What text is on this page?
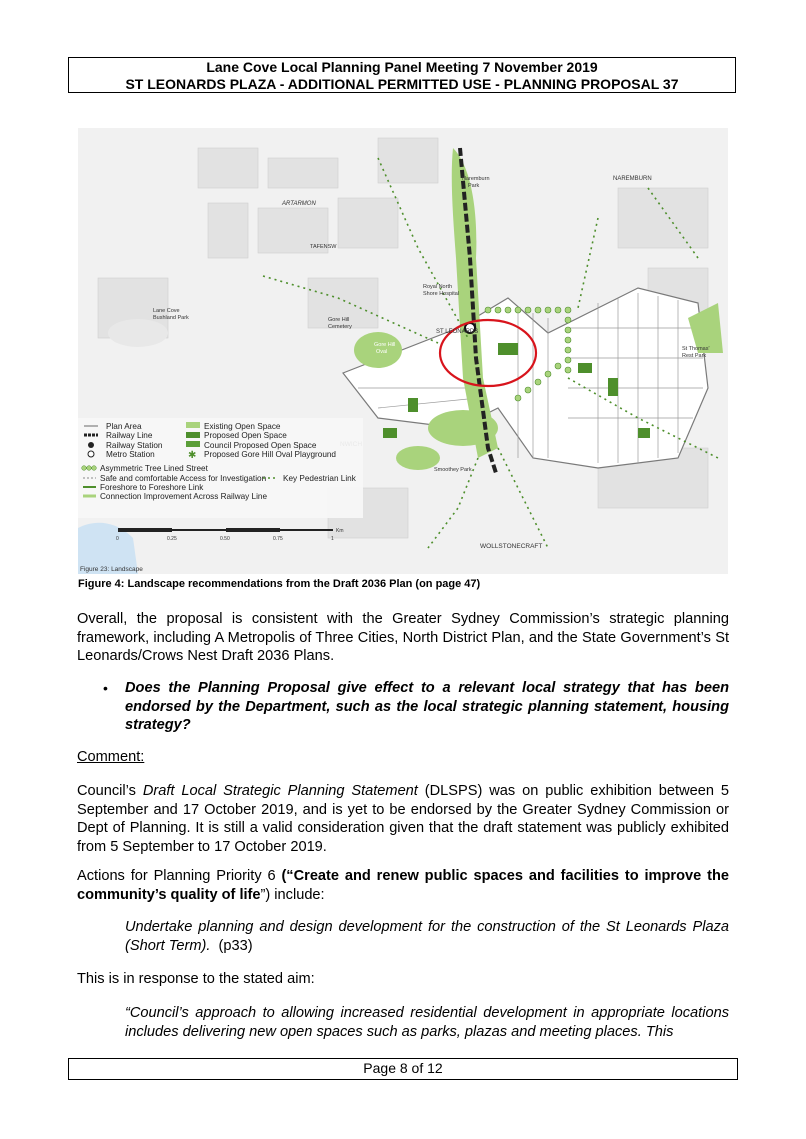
Lane Cove Local Planning Panel Meeting 7 November 2019
ST LEONARDS PLAZA - ADDITIONAL PERMITTED USE - PLANNING PROPOSAL 37
NAREMBURN
ARTARMON
TAFENSW
Royal North
Shore Hospital
Gore Hill
Cemetery
Gore Hill
Oval
ST LEONARDS
Lane Cove
Bushland Park
Naremburn
Park
St Thomas'
Rest Park
Smoothey Park
WOLLSTONECRAFT
Plan Area
Railway Line
Railway Station
Metro Station
Existing Open Space
Proposed Open Space
Council Proposed Open Space
✱ Proposed Gore Hill Oval Playground
Asymmetric Tree Lined Street
Safe and comfortable Access for Investigation
Foreshore to Foreshore Link
Connection Improvement Across Railway Line
Key Pedestrian Link
0	0.25	0.50	0.75	1
Km
Figure 23: Landscape
Figure 4: Landscape recommendations from the Draft 2036 Plan (on page 47)
Overall, the proposal is consistent with the Greater Sydney Commission’s strategic planning framework, including A Metropolis of Three Cities, North District Plan, and the State Government’s St Leonards/Crows Nest Draft 2036 Plans.
• Does the Planning Proposal give effect to a relevant local strategy that has been endorsed by the Department, such as the local strategic planning statement, housing strategy?
Comment:
Council’s Draft Local Strategic Planning Statement (DLSPS) was on public exhibition between 5 September and 17 October 2019, and is yet to be endorsed by the Greater Sydney Commission or Dept of Planning. It is still a valid consideration given that the draft statement was publicly exhibited from 5 September to 17 October 2019.
Actions for Planning Priority 6 (“Create and renew public spaces and facilities to improve the community’s quality of life”) include:
Undertake planning and design development for the construction of the St Leonards Plaza (Short Term).  (p33)
This is in response to the stated aim:
“Council’s approach to allowing increased residential development in appropriate locations includes delivering new open spaces such as parks, plazas and meeting places. This
Page 8 of 12
